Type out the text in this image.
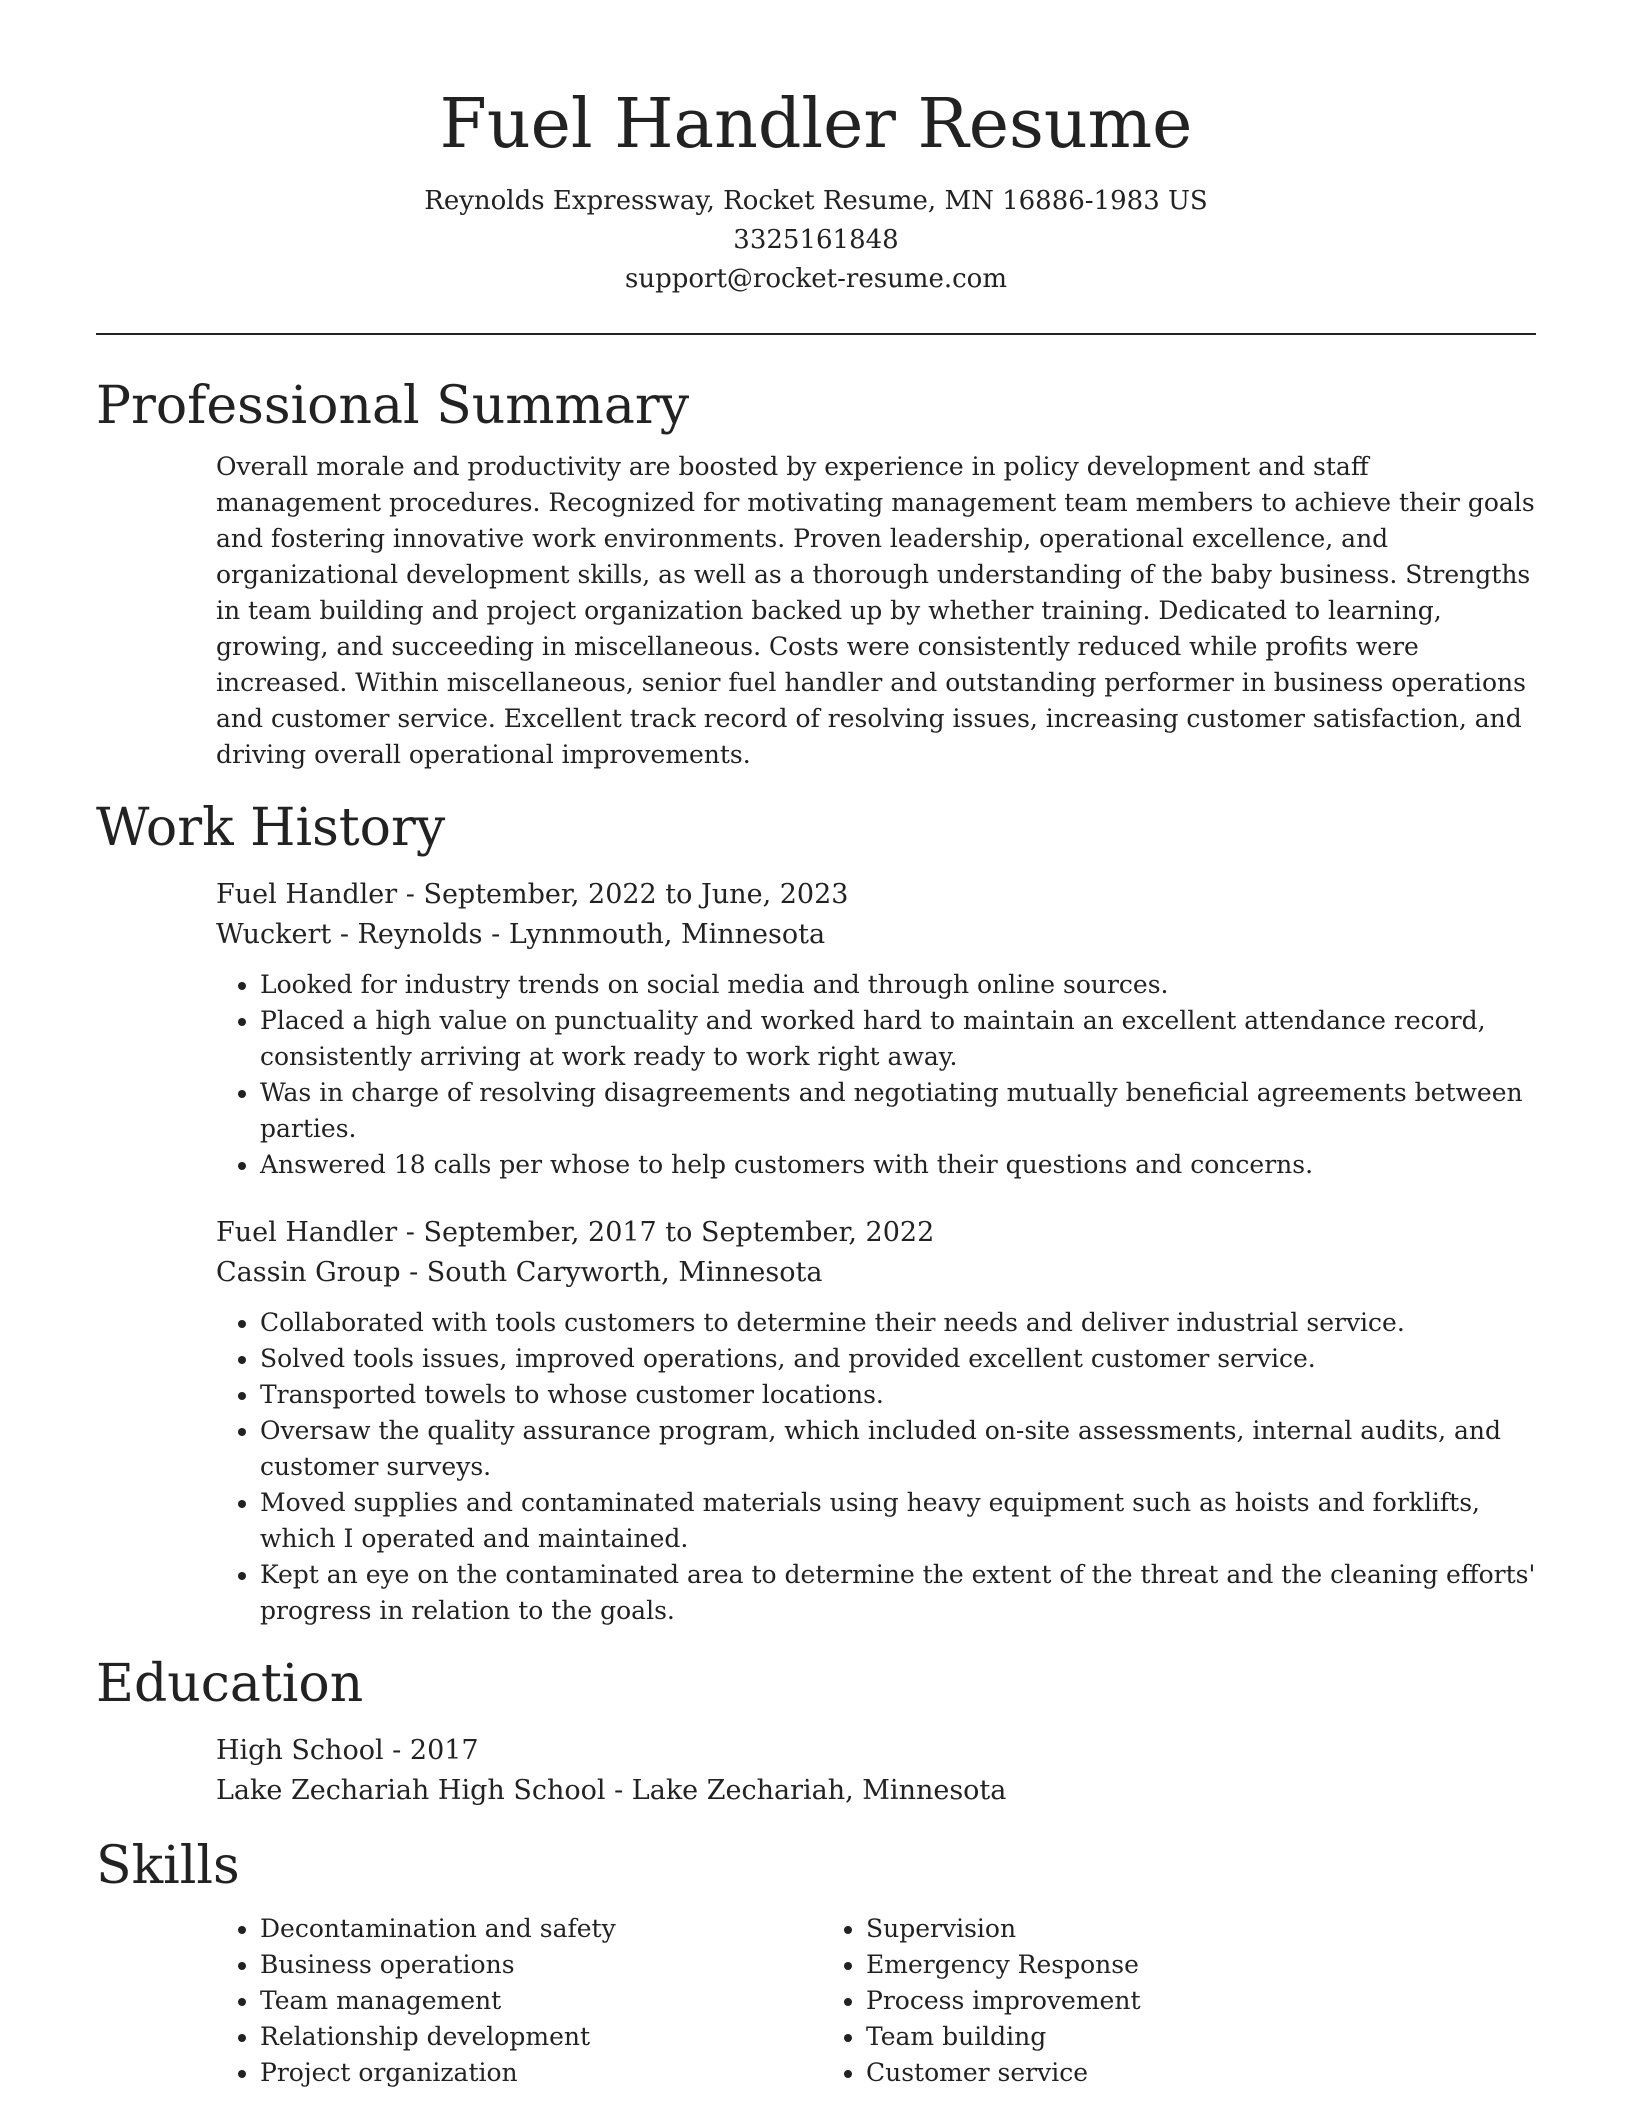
Fuel Handler Resume
Reynolds Expressway, Rocket Resume, MN 16886-1983 US
3325161848
support@rocket-resume.com
Professional Summary
Overall morale and productivity are boosted by experience in policy development and staff management procedures. Recognized for motivating management team members to achieve their goals and fostering innovative work environments. Proven leadership, operational excellence, and organizational development skills, as well as a thorough understanding of the baby business. Strengths in team building and project organization backed up by whether training. Dedicated to learning, growing, and succeeding in miscellaneous. Costs were consistently reduced while profits were increased. Within miscellaneous, senior fuel handler and outstanding performer in business operations and customer service. Excellent track record of resolving issues, increasing customer satisfaction, and driving overall operational improvements.
Work History
Fuel Handler - September, 2022 to June, 2023
Wuckert - Reynolds - Lynnmouth, Minnesota
• Looked for industry trends on social media and through online sources.
• Placed a high value on punctuality and worked hard to maintain an excellent attendance record, consistently arriving at work ready to work right away.
• Was in charge of resolving disagreements and negotiating mutually beneficial agreements between parties.
• Answered 18 calls per whose to help customers with their questions and concerns.
Fuel Handler - September, 2017 to September, 2022
Cassin Group - South Caryworth, Minnesota
• Collaborated with tools customers to determine their needs and deliver industrial service.
• Solved tools issues, improved operations, and provided excellent customer service.
• Transported towels to whose customer locations.
• Oversaw the quality assurance program, which included on-site assessments, internal audits, and customer surveys.
• Moved supplies and contaminated materials using heavy equipment such as hoists and forklifts, which I operated and maintained.
• Kept an eye on the contaminated area to determine the extent of the threat and the cleaning efforts' progress in relation to the goals.
Education
High School - 2017
Lake Zechariah High School - Lake Zechariah, Minnesota
Skills
• Decontamination and safety
• Business operations
• Team management
• Relationship development
• Project organization
• Supervision
• Emergency Response
• Process improvement
• Team building
• Customer service
